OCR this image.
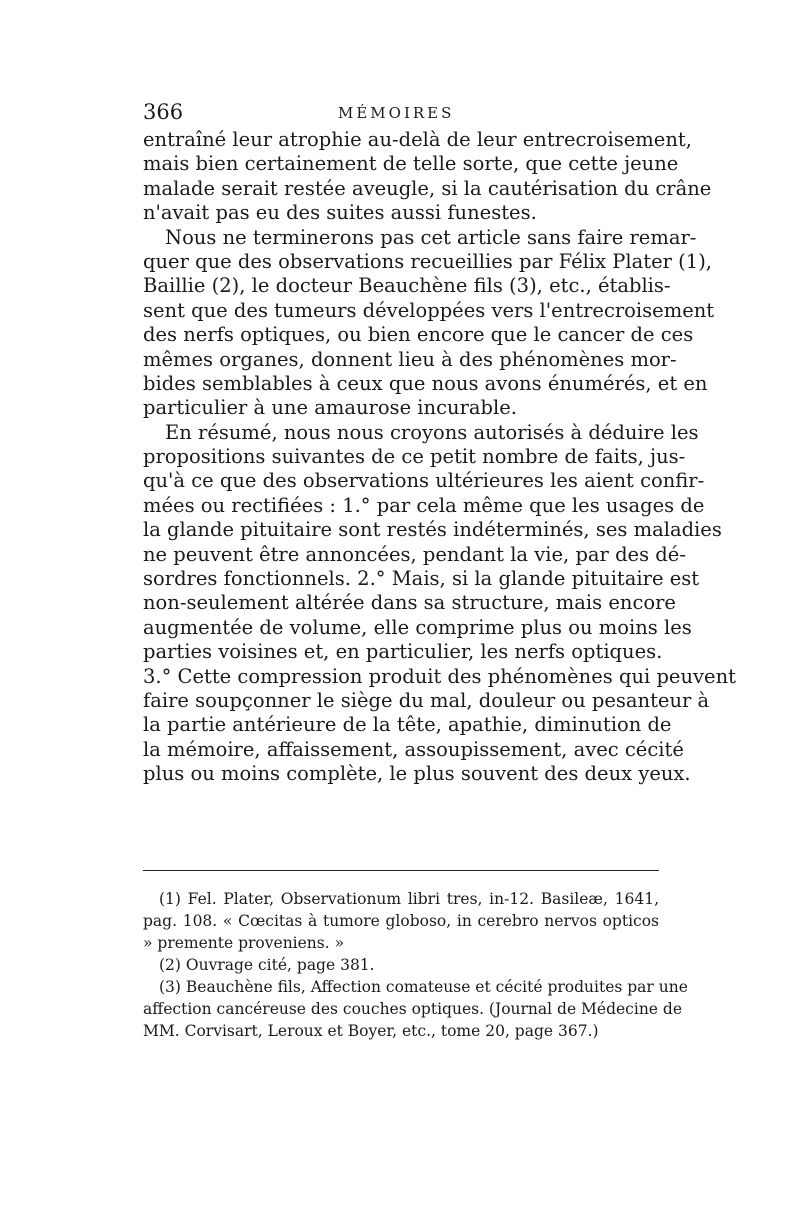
366	MÉMOIRES
entraîné leur atrophie au-delà de leur entrecroisement,
mais bien certainement de telle sorte, que cette jeune
malade serait restée aveugle, si la cautérisation du crâne
n'avait pas eu des suites aussi funestes.
Nous ne terminerons pas cet article sans faire remar-
quer que des observations recueillies par Félix Plater (1),
Baillie (2), le docteur Beauchène fils (3), etc., établis-
sent que des tumeurs développées vers l'entrecroisement
des nerfs optiques, ou bien encore que le cancer de ces
mêmes organes, donnent lieu à des phénomènes mor-
bides semblables à ceux que nous avons énumérés, et en
particulier à une amaurose incurable.
En résumé, nous nous croyons autorisés à déduire les
propositions suivantes de ce petit nombre de faits, jus-
qu'à ce que des observations ultérieures les aient confir-
mées ou rectifiées : 1.° par cela même que les usages de
la glande pituitaire sont restés indéterminés, ses maladies
ne peuvent être annoncées, pendant la vie, par des dé-
sordres fonctionnels. 2.° Mais, si la glande pituitaire est
non-seulement altérée dans sa structure, mais encore
augmentée de volume, elle comprime plus ou moins les
parties voisines et, en particulier, les nerfs optiques.
3.° Cette compression produit des phénomènes qui peuvent
faire soupçonner le siège du mal, douleur ou pesanteur à
la partie antérieure de la tête, apathie, diminution de
la mémoire, affaissement, assoupissement, avec cécité
plus ou moins complète, le plus souvent des deux yeux.
(1) Fel. Plater, Observationum libri tres, in-12. Basileæ, 1641,
pag. 108. « Cœcitas à tumore globoso, in cerebro nervos opticos
» premente proveniens. »
(2) Ouvrage cité, page 381.
(3) Beauchène fils, Affection comateuse et cécité produites par une
affection cancéreuse des couches optiques. (Journal de Médecine de
MM. Corvisart, Leroux et Boyer, etc., tome 20, page 367.)
